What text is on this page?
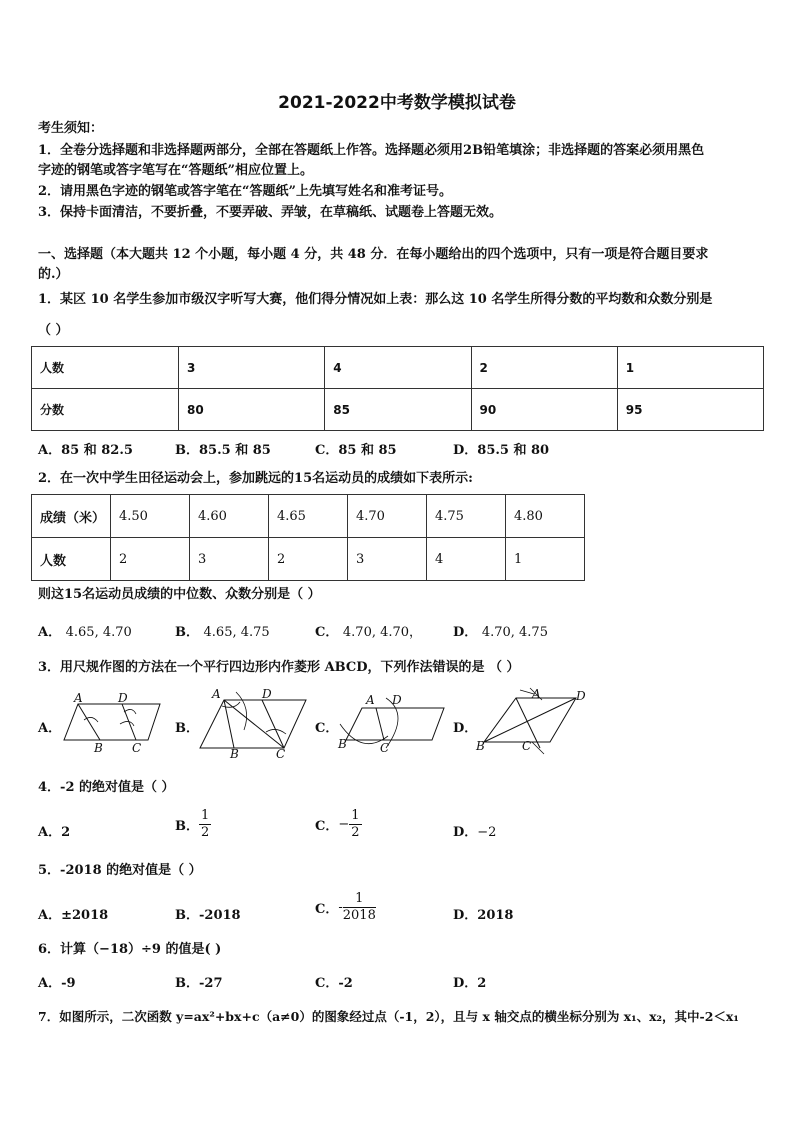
2021-2022中考数学模拟试卷
考生须知：
1．全卷分选择题和非选择题两部分，全部在答题纸上作答。选择题必须用2B铅笔填涂；非选择题的答案必须用黑色
字迹的钢笔或答字笔写在“答题纸”相应位置上。
2．请用黑色字迹的钢笔或答字笔在“答题纸”上先填写姓名和准考证号。
3．保持卡面清洁，不要折叠，不要弄破、弄皱，在草稿纸、试题卷上答题无效。
一、选择题（本大题共 12 个小题，每小题 4 分，共 48 分．在每小题给出的四个选项中，只有一项是符合题目要求
的.）
1．某区 10 名学生参加市级汉字听写大赛，他们得分情况如上表：那么这 10 名学生所得分数的平均数和众数分别是
（ ）
人数	3	4	2	1
分数	80	85	90	95
A．85 和 82.5	B．85.5 和 85	C．85 和 85	D．85.5 和 80
2．在一次中学生田径运动会上，参加跳远的15名运动员的成绩如下表所示:
成绩（米）	4.50	4.60	4.65	4.70	4.75	4.80
人数	2	3	2	3	4	1
则这15名运动员成绩的中位数、众数分别是（ ）
A． 4.65, 4.70	B． 4.65, 4.75	C． 4.70, 4.70， D． 4.70, 4.75
3．用尺规作图的方法在一个平行四边形内作菱形 ABCD，下列作法错误的是 （ ）
A．	B．	C．	D．
A	D
B C
A	D
B	C
A D
B	C
A	D
B	C
4．-2 的绝对值是（ ）
A．2	B． $\frac{1}{2}$	C．− $\frac{1}{2}$	D．−2
5．-2018 的绝对值是（ ）
A．±2018	B．-2018	C．- $\frac{1}{2018}$	D．2018
6．计算（−18）÷9 的值是( )
A．-9	B．-27	C．-2	D．2
7．如图所示，二次函数 y=ax²+bx+c（a≠0）的图象经过点（-1，2），且与 x 轴交点的横坐标分别为 x₁、x₂，其中-2＜x₁
